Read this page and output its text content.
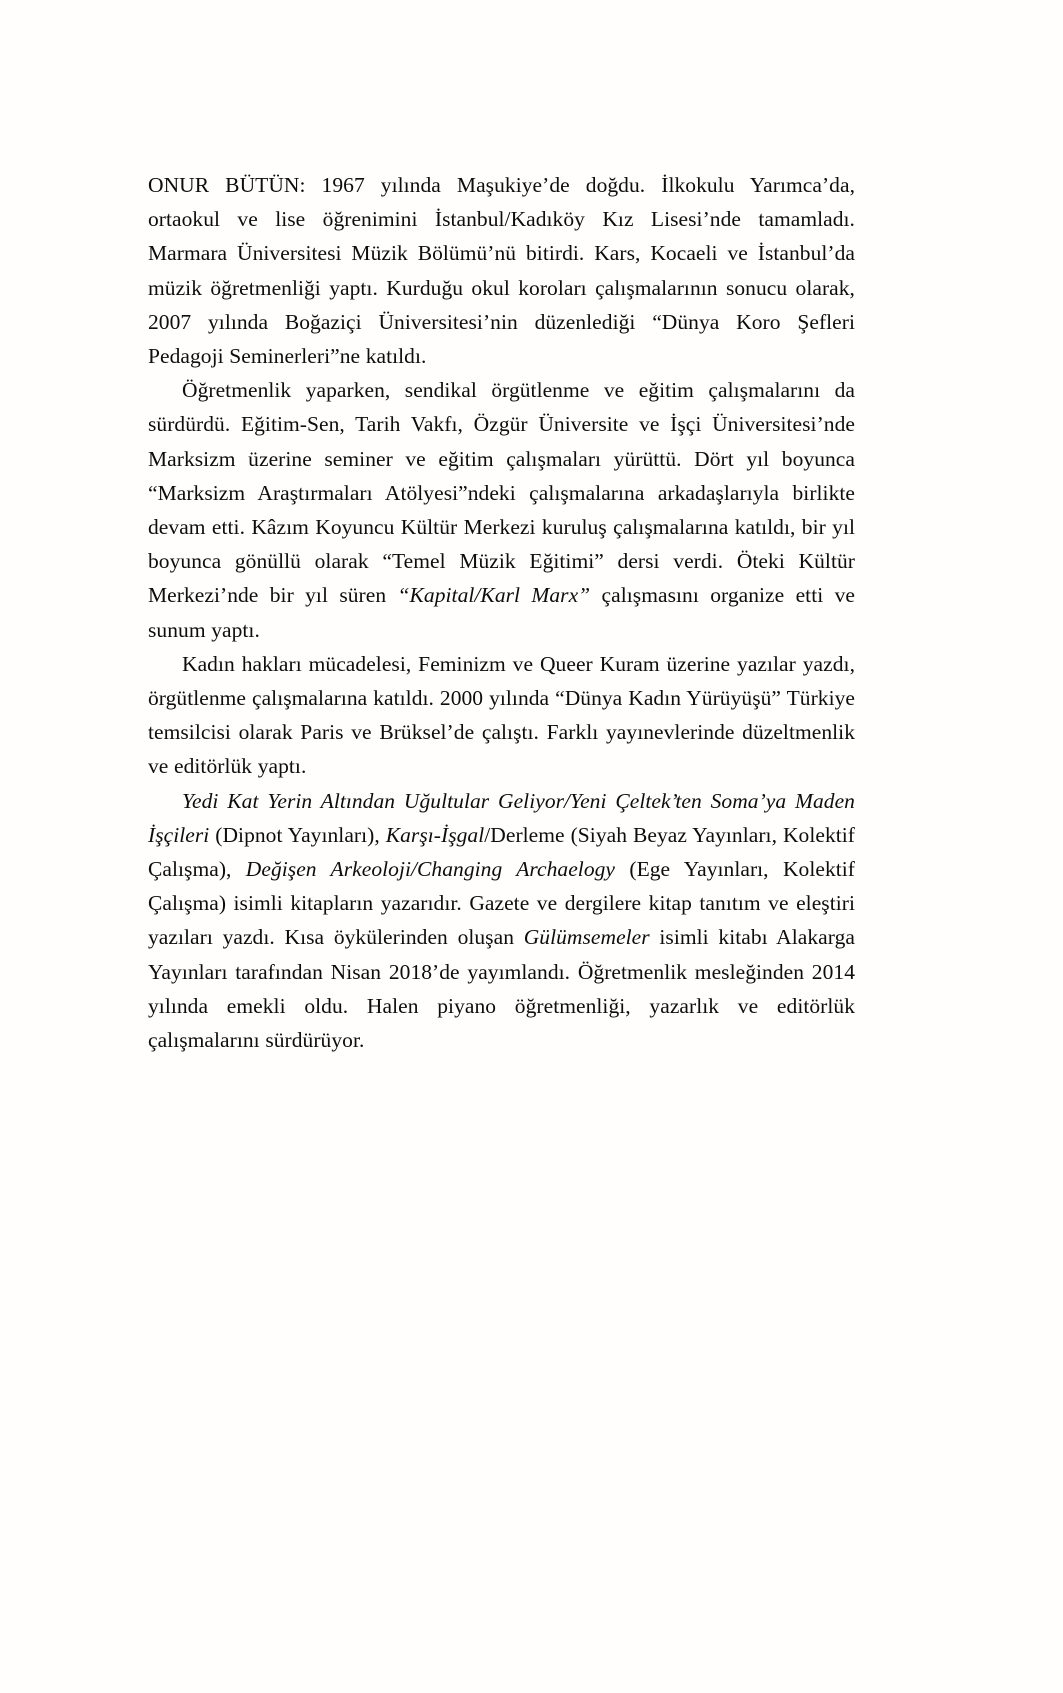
ONUR BÜTÜN: 1967 yılında Maşukiye’de doğdu. İlkokulu Yarımca’da, ortaokul ve lise öğrenimini İstanbul/Kadıköy Kız Lisesi’nde tamamladı. Marmara Üniversitesi Müzik Bölümü’nü bitirdi. Kars, Kocaeli ve İstanbul’da müzik öğretmenliği yaptı. Kurduğu okul koroları çalışmalarının sonucu olarak, 2007 yılında Boğaziçi Üniversitesi’nin düzenlediği “Dünya Koro Şefleri Pedagoji Seminerleri”ne katıldı.

Öğretmenlik yaparken, sendikal örgütlenme ve eğitim çalışmalarını da sürdürdü. Eğitim-Sen, Tarih Vakfı, Özgür Üniversite ve İşçi Üniversitesi’nde Marksizm üzerine seminer ve eğitim çalışmaları yürüttü. Dört yıl boyunca “Marksizm Araştırmaları Atölyesi”ndeki çalışmalarına arkadaşlarıyla birlikte devam etti. Kâzım Koyuncu Kültür Merkezi kuruluş çalışmalarına katıldı, bir yıl boyunca gönüllü olarak “Temel Müzik Eğitimi” dersi verdi. Öteki Kültür Merkezi’nde bir yıl süren “Kapital/Karl Marx” çalışmasını organize etti ve sunum yaptı.

Kadın hakları mücadelesi, Feminizm ve Queer Kuram üzerine yazılar yazdı, örgütlenme çalışmalarına katıldı. 2000 yılında “Dünya Kadın Yürüyüşü” Türkiye temsilcisi olarak Paris ve Brüksel’de çalıştı. Farklı yayınevlerinde düzeltmenlik ve editörlük yaptı.

Yedi Kat Yerin Altından Uğultular Geliyor/Yeni Çeltek’ten Soma’ya Maden İşçileri (Dipnot Yayınları), Karşı-İşgal/Derleme (Siyah Beyaz Yayınları, Kolektif Çalışma), Değişen Arkeoloji/Changing Archaelogy (Ege Yayınları, Kolektif Çalışma) isimli kitapların yazarıdır. Gazete ve dergilere kitap tanıtım ve eleştiri yazıları yazdı. Kısa öykülerinden oluşan Gülümsemeler isimli kitabı Alakarga Yayınları tarafından Nisan 2018’de yayımlandı. Öğretmenlik mesleğinden 2014 yılında emekli oldu. Halen piyano öğretmenliği, yazarlık ve editörlük çalışmalarını sürdürüyor.
